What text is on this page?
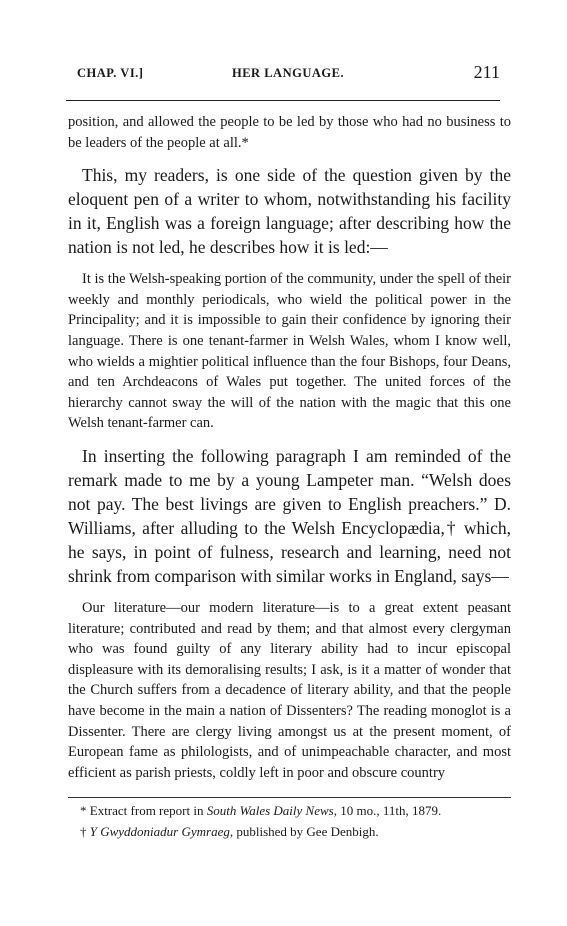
CHAP. VI.]	HER LANGUAGE.	211

position, and allowed the people to be led by those who had no business to be leaders of the people at all.*

This, my readers, is one side of the question given by the eloquent pen of a writer to whom, notwithstanding his facility in it, English was a foreign language; after describing how the nation is not led, he describes how it is led:—

It is the Welsh-speaking portion of the community, under the spell of their weekly and monthly periodicals, who wield the political power in the Principality; and it is impossible to gain their confidence by ignoring their language. There is one tenant-farmer in Welsh Wales, whom I know well, who wields a mightier political influence than the four Bishops, four Deans, and ten Archdeacons of Wales put together. The united forces of the hierarchy cannot sway the will of the nation with the magic that this one Welsh tenant-farmer can.

In inserting the following paragraph I am reminded of the remark made to me by a young Lampeter man. “Welsh does not pay. The best livings are given to English preachers.” D. Williams, after alluding to the Welsh Encyclopædia,† which, he says, in point of fulness, research and learning, need not shrink from comparison with similar works in England, says—

Our literature—our modern literature—is to a great extent peasant literature; contributed and read by them; and that almost every clergyman who was found guilty of any literary ability had to incur episcopal displeasure with its demoralising results; I ask, is it a matter of wonder that the Church suffers from a decadence of literary ability, and that the people have become in the main a nation of Dissenters? The reading monoglot is a Dissenter. There are clergy living amongst us at the present moment, of European fame as philologists, and of unimpeachable character, and most efficient as parish priests, coldly left in poor and obscure country

* Extract from report in South Wales Daily News, 10 mo., 11th, 1879.
† Y Gwyddoniadur Gymraeg, published by Gee Denbigh.
